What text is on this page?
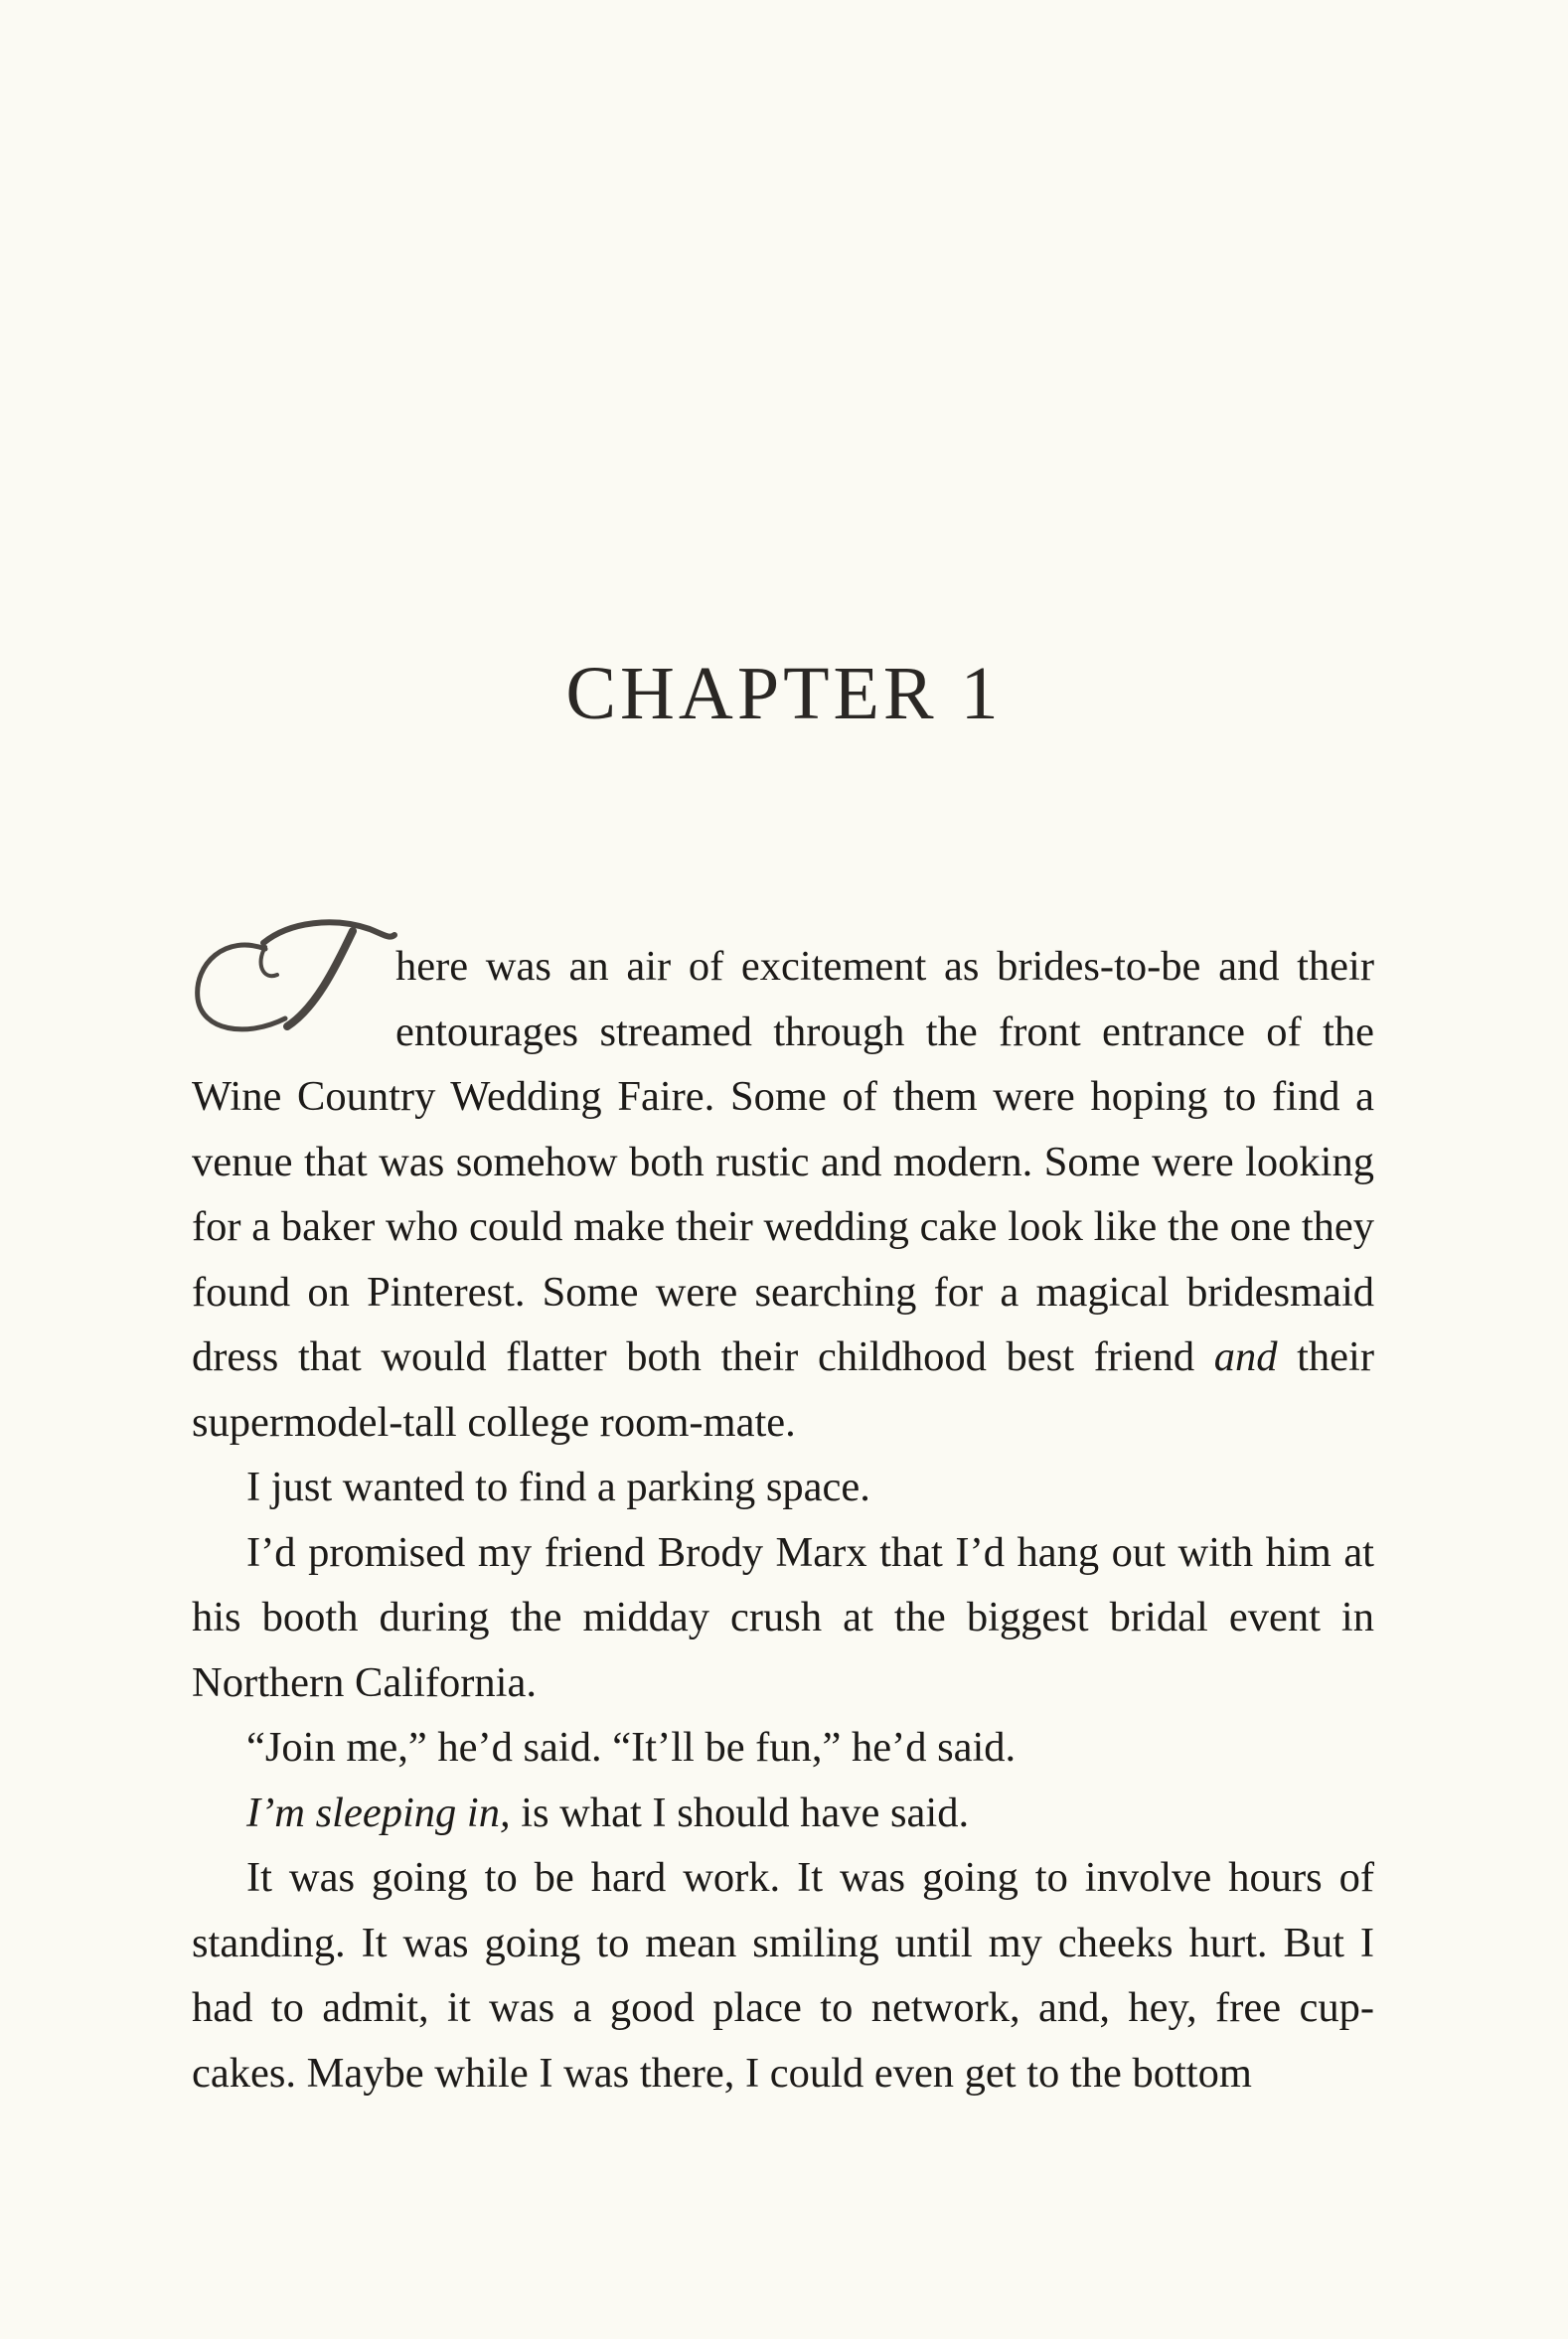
CHAPTER 1
here was an air of excitement as brides-to-be and their entourages streamed through the front entrance of the Wine Country Wedding Faire. Some of them were hoping to find a venue that was somehow both rustic and modern. Some were looking for a baker who could make their wedding cake look like the one they found on Pinterest. Some were searching for a magical bridesmaid dress that would flatter both their childhood best friend and their supermodel-tall college room-mate.

I just wanted to find a parking space.

I’d promised my friend Brody Marx that I’d hang out with him at his booth during the midday crush at the biggest bridal event in Northern California.

“Join me,” he’d said. “It’ll be fun,” he’d said.

I’m sleeping in, is what I should have said.

It was going to be hard work. It was going to involve hours of standing. It was going to mean smiling until my cheeks hurt. But I had to admit, it was a good place to network, and, hey, free cup-cakes. Maybe while I was there, I could even get to the bottom
